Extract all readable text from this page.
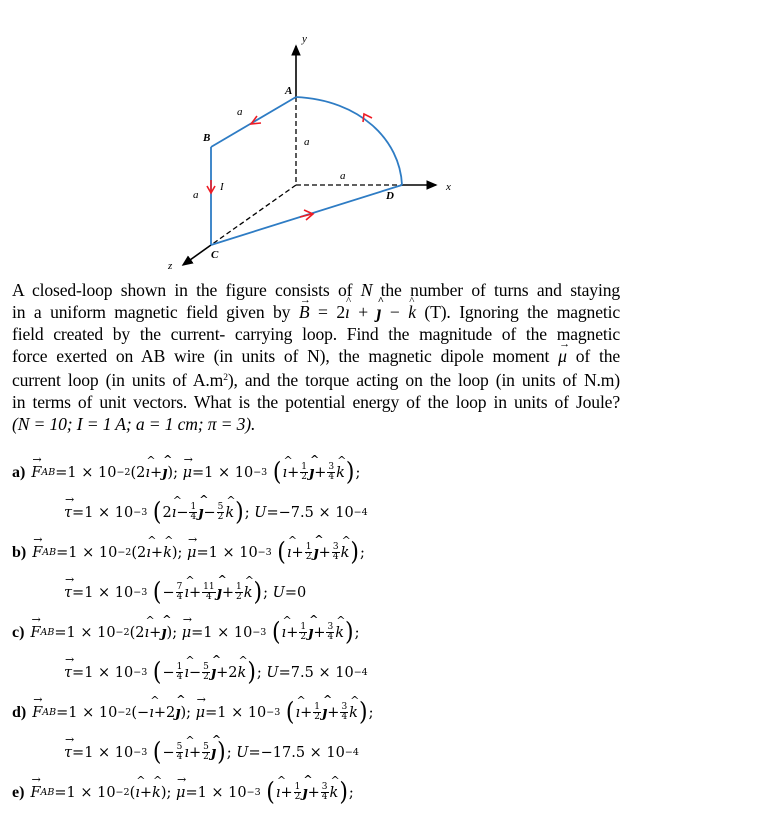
y
x
z
A
B
C
D
a
a
a
a
I
A closed-loop shown in the figure consists of N the number of turns and staying
in a uniform magnetic field given by → B = 2^ ı + ^ ȷ − ^ k (T). Ignoring the magnetic
field created by the current- carrying loop. Find the magnitude of the magnetic
force exerted on AB wire (in units of N), the magnetic dipole moment → μ of the
current loop (in units of $A.m^2$), and the torque acting on the loop (in units of N.m)
in terms of unit vectors. What is the potential energy of the loop in units of Joule?
(N = 10; I = 1 A; a = 1 cm; π = 3).
a) → F AB = 1 × 10 −2 ( 2 ^ ı + ^ ȷ ) ;
→ μ = 1 × 10 −3
( ^ ı + $\frac{1}{2}$ ^ ȷ + $\frac{3}{4}$ ^ k ) ;
→ τ = 1 × 10 −3
( 2 ^ ı − $\frac{1}{4}$ ^ ȷ − $\frac{5}{2}$ ^ k ) ;
U = −7.5 × 10 −4
b) → F AB = 1 × 10 −2 ( 2 ^ ı + ^ k ) ;
→ μ = 1 × 10 −3
( ^ ı + $\frac{1}{2}$ ^ ȷ + $\frac{3}{4}$ ^ k ) ;
→ τ = 1 × 10 −3
( − $\frac{7}{4}$ ^ ı + $\frac{11}{4}$ ^ ȷ + $\frac{1}{2}$ ^ k ) ;
U = 0
c) → F AB = 1 × 10 −2 ( 2 ^ ı + ^ ȷ ) ;
→ μ = 1 × 10 −3
( ^ ı + $\frac{1}{2}$ ^ ȷ + $\frac{3}{4}$ ^ k ) ;
→ τ = 1 × 10 −3
( − $\frac{1}{4}$ ^ ı − $\frac{5}{2}$ ^ ȷ + 2 ^ k ) ;
U = 7.5 × 10 −4
d) → F AB = 1 × 10 −2 ( − ^ ı + 2 ^ ȷ ) ;
→ μ = 1 × 10 −3
( ^ ı + $\frac{1}{2}$ ^ ȷ + $\frac{3}{4}$ ^ k ) ;
→ τ = 1 × 10 −3
( − $\frac{5}{4}$ ^ ı + $\frac{5}{2}$ ^ ȷ ) ;
U = −17.5 × 10 −4
e) → F AB = 1 × 10 −2 ( ^ ı + ^ k ) ;
→ μ = 1 × 10 −3
( ^ ı + $\frac{1}{2}$ ^ ȷ + $\frac{3}{4}$ ^ k ) ;
